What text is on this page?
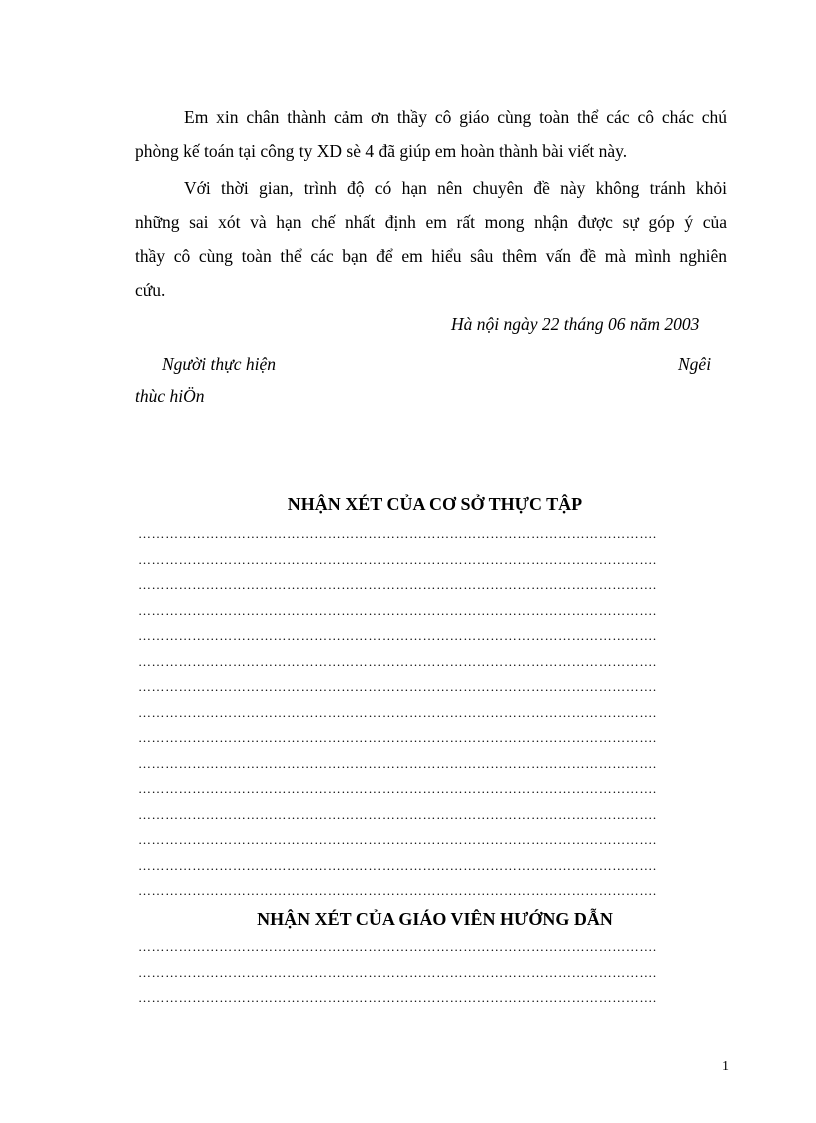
Em xin chân thành cảm ơn thầy cô giáo cùng toàn thể các cô chác chú
phòng kế toán tại công ty XD sè 4 đã giúp em hoàn thành bài viết này.
Với thời gian, trình độ có hạn nên chuyên đề này không tránh khỏi
những sai xót và hạn chế nhất định em rất mong nhận được sự góp ý của
thầy cô cùng toàn thể các bạn để em hiểu sâu thêm vấn đề mà mình nghiên
cứu.
Hà nội ngày 22 tháng 06 năm 2003
Người thực hiện	Ngêi
thùc hiÖn
NHẬN XÉT CỦA CƠ SỞ THỰC TẬP
…………………………………………………………………………………………………….
…………………………………………………………………………………………………….
…………………………………………………………………………………………………….
…………………………………………………………………………………………………….
…………………………………………………………………………………………………….
…………………………………………………………………………………………………….
…………………………………………………………………………………………………….
…………………………………………………………………………………………………….
…………………………………………………………………………………………………….
…………………………………………………………………………………………………….
…………………………………………………………………………………………………….
…………………………………………………………………………………………………….
…………………………………………………………………………………………………….
…………………………………………………………………………………………………….
…………………………………………………………………………………………………….
NHẬN XÉT CỦA GIÁO VIÊN HƯỚNG DẪN
…………………………………………………………………………………………………….
…………………………………………………………………………………………………….
…………………………………………………………………………………………………….
1
